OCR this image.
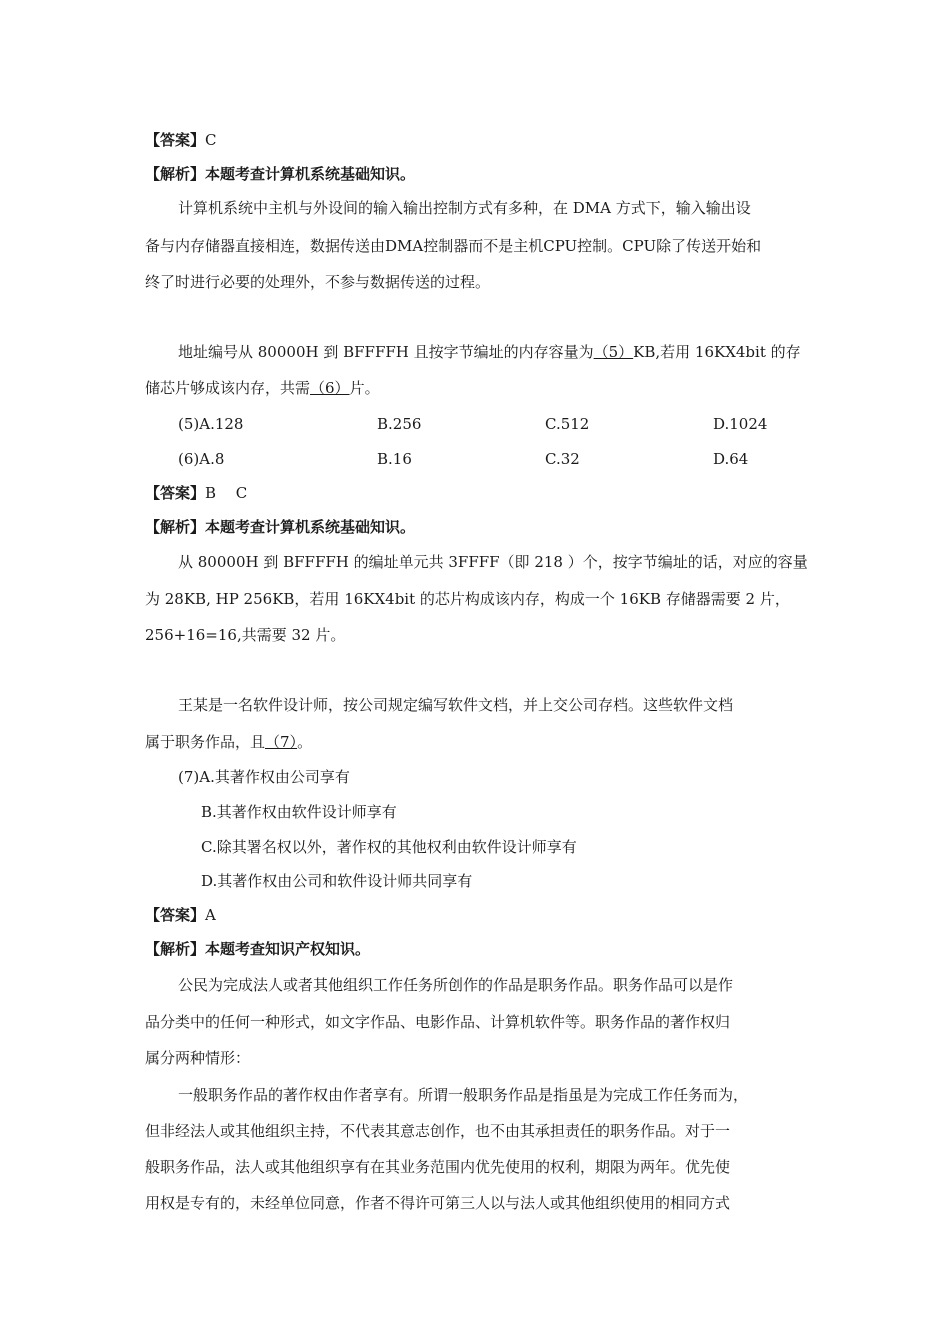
【答案】C
【解析】本题考查计算机系统基础知识。
计算机系统中主机与外设间的输入输出控制方式有多种，在 DMA 方式下，输入输出设
备与内存储器直接相连，数据传送由DMA控制器而不是主机CPU控制。CPU除了传送开始和
终了时进行必要的处理外，不参与数据传送的过程。
地址编号从 80000H 到 BFFFFH 且按字节编址的内存容量为（5）KB,若用 16KX4bit 的存
储芯片够成该内存，共需（6）片。
(5)A.128	B.256	C.512	D.1024
(6)A.8	B.16	C.32	D.64
【答案】B　 C
【解析】本题考查计算机系统基础知识。
从 80000H 到 BFFFFH 的编址单元共 3FFFF（即 218 ）个，按字节编址的话，对应的容量
为 28KB, HP 256KB，若用 16KX4bit 的芯片构成该内存，构成一个 16KB 存储器需要 2 片，
256+16=16,共需要 32 片。
王某是一名软件设计师，按公司规定编写软件文档，并上交公司存档。这些软件文档
属于职务作品，且（7）。
(7)A.其著作权由公司享有
B.其著作权由软件设计师享有
C.除其署名权以外，著作权的其他权利由软件设计师享有
D.其著作权由公司和软件设计师共同享有
【答案】A
【解析】本题考查知识产权知识。
公民为完成法人或者其他组织工作任务所创作的作品是职务作品。职务作品可以是作
品分类中的任何一种形式，如文字作品、电影作品、计算机软件等。职务作品的著作权归
属分两种情形：
一般职务作品的著作权由作者享有。所谓一般职务作品是指虽是为完成工作任务而为，
但非经法人或其他组织主持，不代表其意志创作，也不由其承担责任的职务作品。对于一
般职务作品，法人或其他组织享有在其业务范围内优先使用的权利，期限为两年。优先使
用权是专有的，未经单位同意，作者不得许可第三人以与法人或其他组织使用的相同方式
